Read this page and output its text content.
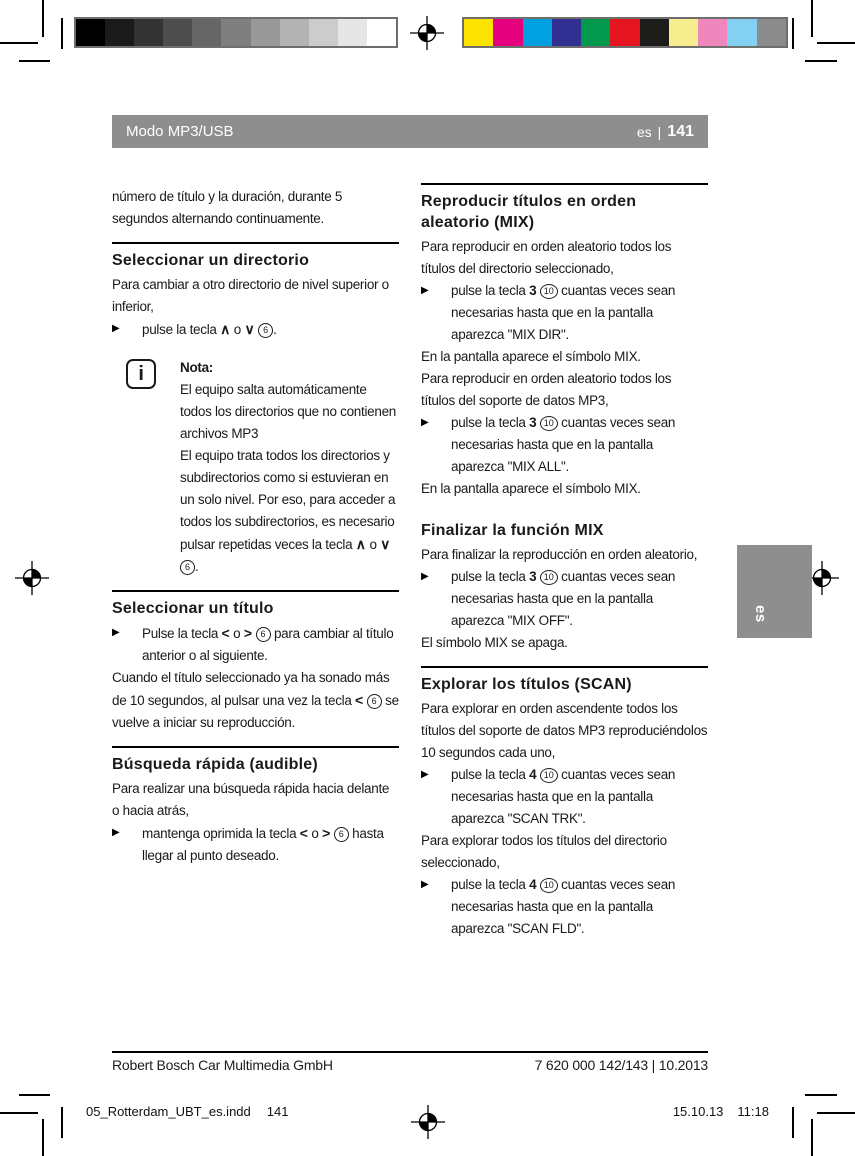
Modo MP3/USB	es | 141

número de título y la duración, durante 5 segundos alternando continuamente.

Seleccionar un directorio

Para cambiar a otro directorio de nivel superior o inferior,

▶	pulse la tecla ∧ o ∨ 6 .
i	Nota:

El equipo salta automáticamente todos los directorios que no contienen archivos MP3

El equipo trata todos los directorios y subdirectorios como si estuvieran en un solo nivel. Por eso, para acceder a todos los subdirectorios, es necesario pulsar repetidas veces la tecla ∧ o ∨ 6 .

Seleccionar un título
▶	Pulse la tecla < o > 6 para cambiar al título anterior o al siguiente.

Cuando el título seleccionado ya ha sonado más de 10 segundos, al pulsar una vez la tecla < 6 se vuelve a iniciar su reproducción.

Búsqueda rápida (audible)

Para realizar una búsqueda rápida hacia delante o hacia atrás,

▶	mantenga oprimida la tecla < o > 6 hasta llegar al punto deseado.
Reproducir títulos en orden aleatorio (MIX)

Para reproducir en orden aleatorio todos los títulos del directorio seleccionado,

▶	pulse la tecla 3 10 cuantas veces sean necesarias hasta que en la pantalla aparezca "MIX DIR".

En la pantalla aparece el símbolo MIX.

Para reproducir en orden aleatorio todos los títulos del soporte de datos MP3,

▶	pulse la tecla 3 10 cuantas veces sean necesarias hasta que en la pantalla aparezca "MIX ALL".

En la pantalla aparece el símbolo MIX.

Finalizar la función MIX

Para finalizar la reproducción en orden aleatorio,

▶	pulse la tecla 3 10 cuantas veces sean necesarias hasta que en la pantalla aparezca "MIX OFF".

El símbolo MIX se apaga.

Explorar los títulos (SCAN)

Para explorar en orden ascendente todos los títulos del soporte de datos MP3 reproduciéndolos 10 segundos cada uno,

▶	pulse la tecla 4 10 cuantas veces sean necesarias hasta que en la pantalla aparezca "SCAN TRK".

Para explorar todos los títulos del directorio seleccionado,

▶	pulse la tecla 4 10 cuantas veces sean necesarias hasta que en la pantalla aparezca "SCAN FLD".
es
Robert Bosch Car Multimedia GmbH	7 620 000 142/143 | 10.2013
05_Rotterdam_UBT_es.indd 141	15.10.13 11:18
